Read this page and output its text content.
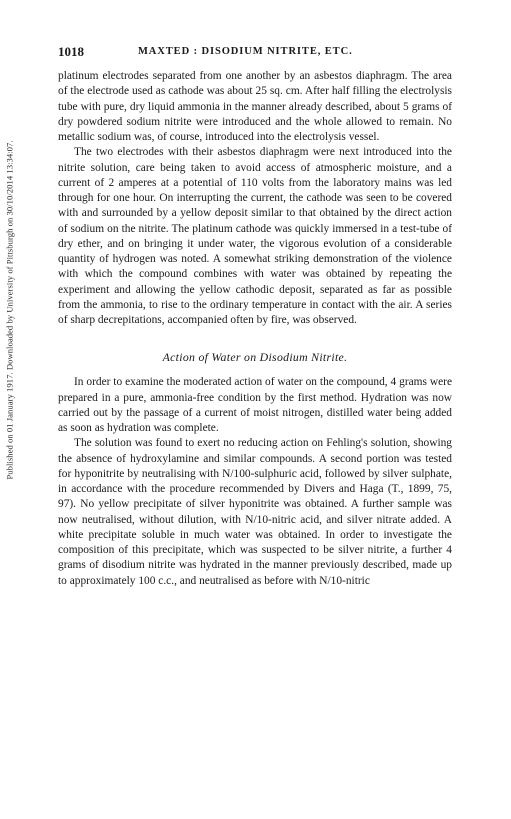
Published on 01 January 1917. Downloaded by University of Pittsburgh on 30/10/2014 13:34:07.
1018	MAXTED : DISODIUM NITRITE, ETC.

platinum electrodes separated from one another by an asbestos diaphragm. The area of the electrode used as cathode was about 25 sq. cm. After half filling the electrolysis tube with pure, dry liquid ammonia in the manner already described, about 5 grams of dry powdered sodium nitrite were introduced and the whole allowed to remain. No metallic sodium was, of course, introduced into the electrolysis vessel.

The two electrodes with their asbestos diaphragm were next introduced into the nitrite solution, care being taken to avoid access of atmospheric moisture, and a current of 2 amperes at a potential of 110 volts from the laboratory mains was led through for one hour. On interrupting the current, the cathode was seen to be covered with and surrounded by a yellow deposit similar to that obtained by the direct action of sodium on the nitrite. The platinum cathode was quickly immersed in a test-tube of dry ether, and on bringing it under water, the vigorous evolution of a considerable quantity of hydrogen was noted. A somewhat striking demonstration of the violence with which the compound combines with water was obtained by repeating the experiment and allowing the yellow cathodic deposit, separated as far as possible from the ammonia, to rise to the ordinary temperature in contact with the air. A series of sharp decrepitations, accompanied often by fire, was observed.

Action of Water on Disodium Nitrite.

In order to examine the moderated action of water on the compound, 4 grams were prepared in a pure, ammonia-free condition by the first method. Hydration was now carried out by the passage of a current of moist nitrogen, distilled water being added as soon as hydration was complete.

The solution was found to exert no reducing action on Fehling's solution, showing the absence of hydroxylamine and similar compounds. A second portion was tested for hyponitrite by neutralising with N/100-sulphuric acid, followed by silver sulphate, in accordance with the procedure recommended by Divers and Haga (T., 1899, 75, 97). No yellow precipitate of silver hyponitrite was obtained. A further sample was now neutralised, without dilution, with N/10-nitric acid, and silver nitrate added. A white precipitate soluble in much water was obtained. In order to investigate the composition of this precipitate, which was suspected to be silver nitrite, a further 4 grams of disodium nitrite was hydrated in the manner previously described, made up to approximately 100 c.c., and neutralised as before with N/10-nitric
